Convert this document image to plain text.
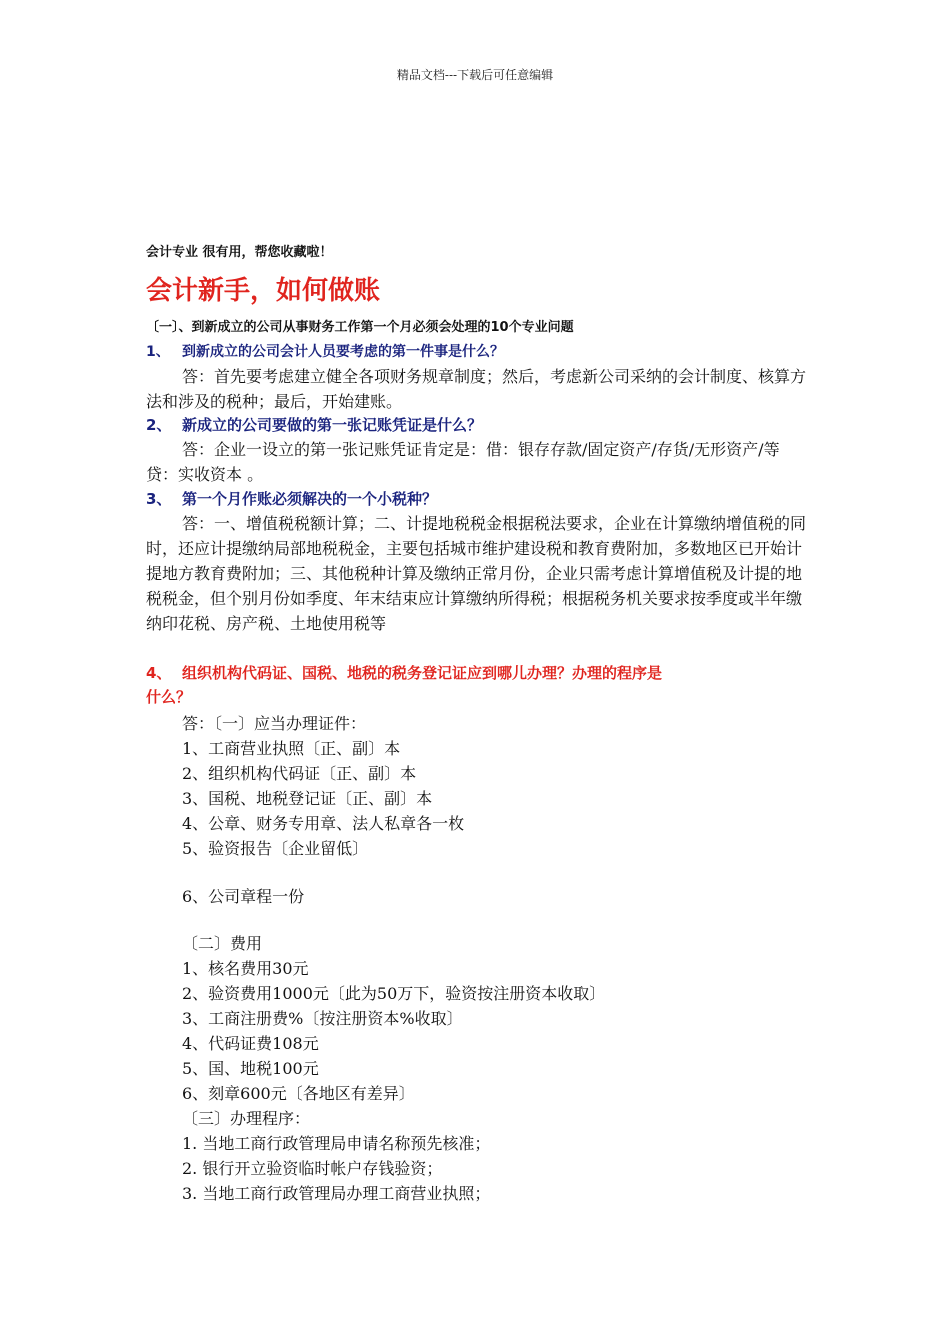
精品文档---下载后可任意编辑
会计专业 很有用，帮您收藏啦！
会计新手，如何做账
〔一〕、到新成立的公司从事财务工作第一个月必须会处理的10个专业问题
1、 到新成立的公司会计人员要考虑的第一件事是什么？
答：首先要考虑建立健全各项财务规章制度；然后，考虑新公司采纳的会计制度、核算方法和涉及的税种；最后，开始建账。
2、 新成立的公司要做的第一张记账凭证是什么？
答：企业一设立的第一张记账凭证肯定是：借：银存存款/固定资产/存货/无形资产/等 贷：实收资本 。
3、 第一个月作账必须解决的一个小税种？
答：一、增值税税额计算；二、计提地税税金根据税法要求，企业在计算缴纳增值税的同时，还应计提缴纳局部地税税金，主要包括城市维护建设税和教育费附加，多数地区已开始计提地方教育费附加；三、其他税种计算及缴纳正常月份，企业只需考虑计算增值税及计提的地税税金，但个别月份如季度、年末结束应计算缴纳所得税；根据税务机关要求按季度或半年缴纳印花税、房产税、土地使用税等
4、 组织机构代码证、国税、地税的税务登记证应到哪儿办理？办理的程序是
什么？
答：〔一〕应当办理证件：
1、工商营业执照〔正、副〕本
2、组织机构代码证〔正、副〕本
3、国税、地税登记证〔正、副〕本
4、公章、财务专用章、法人私章各一枚
5、验资报告〔企业留低〕
6、公司章程一份
〔二〕费用
1、核名费用30元
2、验资费用1000元〔此为50万下，验资按注册资本收取〕
3、工商注册费%〔按注册资本%收取〕
4、代码证费108元
5、国、地税100元
6、刻章600元〔各地区有差异〕
〔三〕办理程序：
1. 当地工商行政管理局申请名称预先核准；
2. 银行开立验资临时帐户存钱验资；
3. 当地工商行政管理局办理工商营业执照；
